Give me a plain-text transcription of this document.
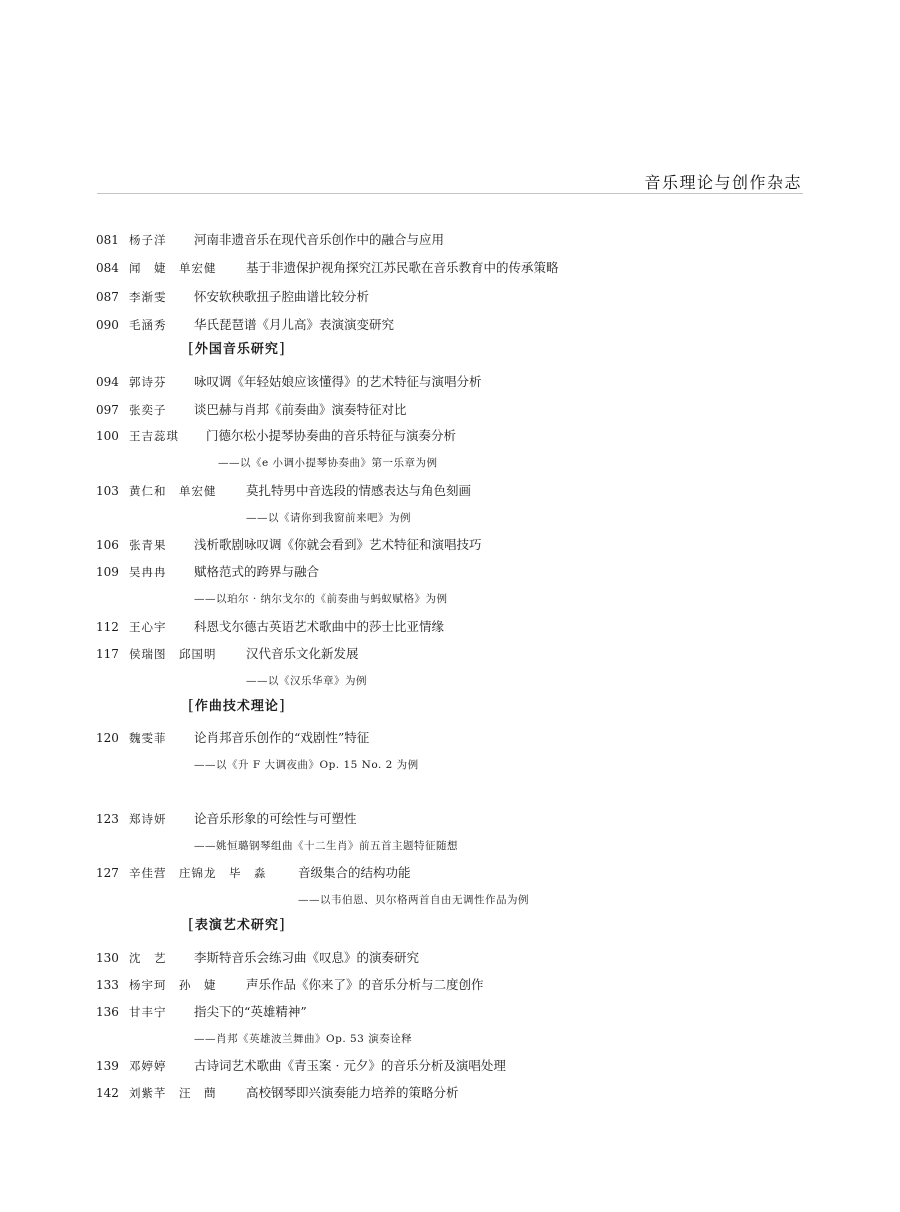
音乐理论与创作杂志
081 杨子洋 河南非遗音乐在现代音乐创作中的融合与应用
084 闻　婕　单宏健 基于非遗保护视角探究江苏民歌在音乐教育中的传承策略
087 李渐雯 怀安软秧歌扭子腔曲谱比较分析
090 毛涵秀 华氏琵琶谱《月儿高》表演演变研究
[外国音乐研究]
094 郭诗芬 咏叹调《年轻姑娘应该懂得》的艺术特征与演唱分析
097 张奕子 谈巴赫与肖邦《前奏曲》演奏特征对比
100 王吉蕊琪 门德尔松小提琴协奏曲的音乐特征与演奏分析
——以《e 小调小提琴协奏曲》第一乐章为例
103 黄仁和　单宏健 莫扎特男中音选段的情感表达与角色刻画
——以《请你到我窗前来吧》为例
106 张青果 浅析歌剧咏叹调《你就会看到》艺术特征和演唱技巧
109 吴冉冉 赋格范式的跨界与融合
——以珀尔 · 纳尔戈尔的《前奏曲与蚂蚁赋格》为例
112 王心宇 科恩戈尔德古英语艺术歌曲中的莎士比亚情缘
117 侯瑞图　邱国明 汉代音乐文化新发展
——以《汉乐华章》为例
[作曲技术理论]
120 魏雯菲 论肖邦音乐创作的“戏剧性”特征
——以《升 F 大调夜曲》Op. 15 No. 2 为例
123 郑诗妍 论音乐形象的可绘性与可塑性
——姚恒璐钢琴组曲《十二生肖》前五首主题特征随想
127 辛佳营　庄锦龙　毕　淼	音级集合的结构功能
——以韦伯恩、贝尔格两首自由无调性作品为例
[表演艺术研究]
130 沈　艺 李斯特音乐会练习曲《叹息》的演奏研究
133 杨宇珂　孙　婕 声乐作品《你来了》的音乐分析与二度创作
136 甘丰宁 指尖下的“英雄精神”
——肖邦《英雄波兰舞曲》Op. 53 演奏诠释
139 邓婷婷 古诗词艺术歌曲《青玉案 · 元夕》的音乐分析及演唱处理
142 刘紫芊　汪　蔄 高校钢琴即兴演奏能力培养的策略分析
